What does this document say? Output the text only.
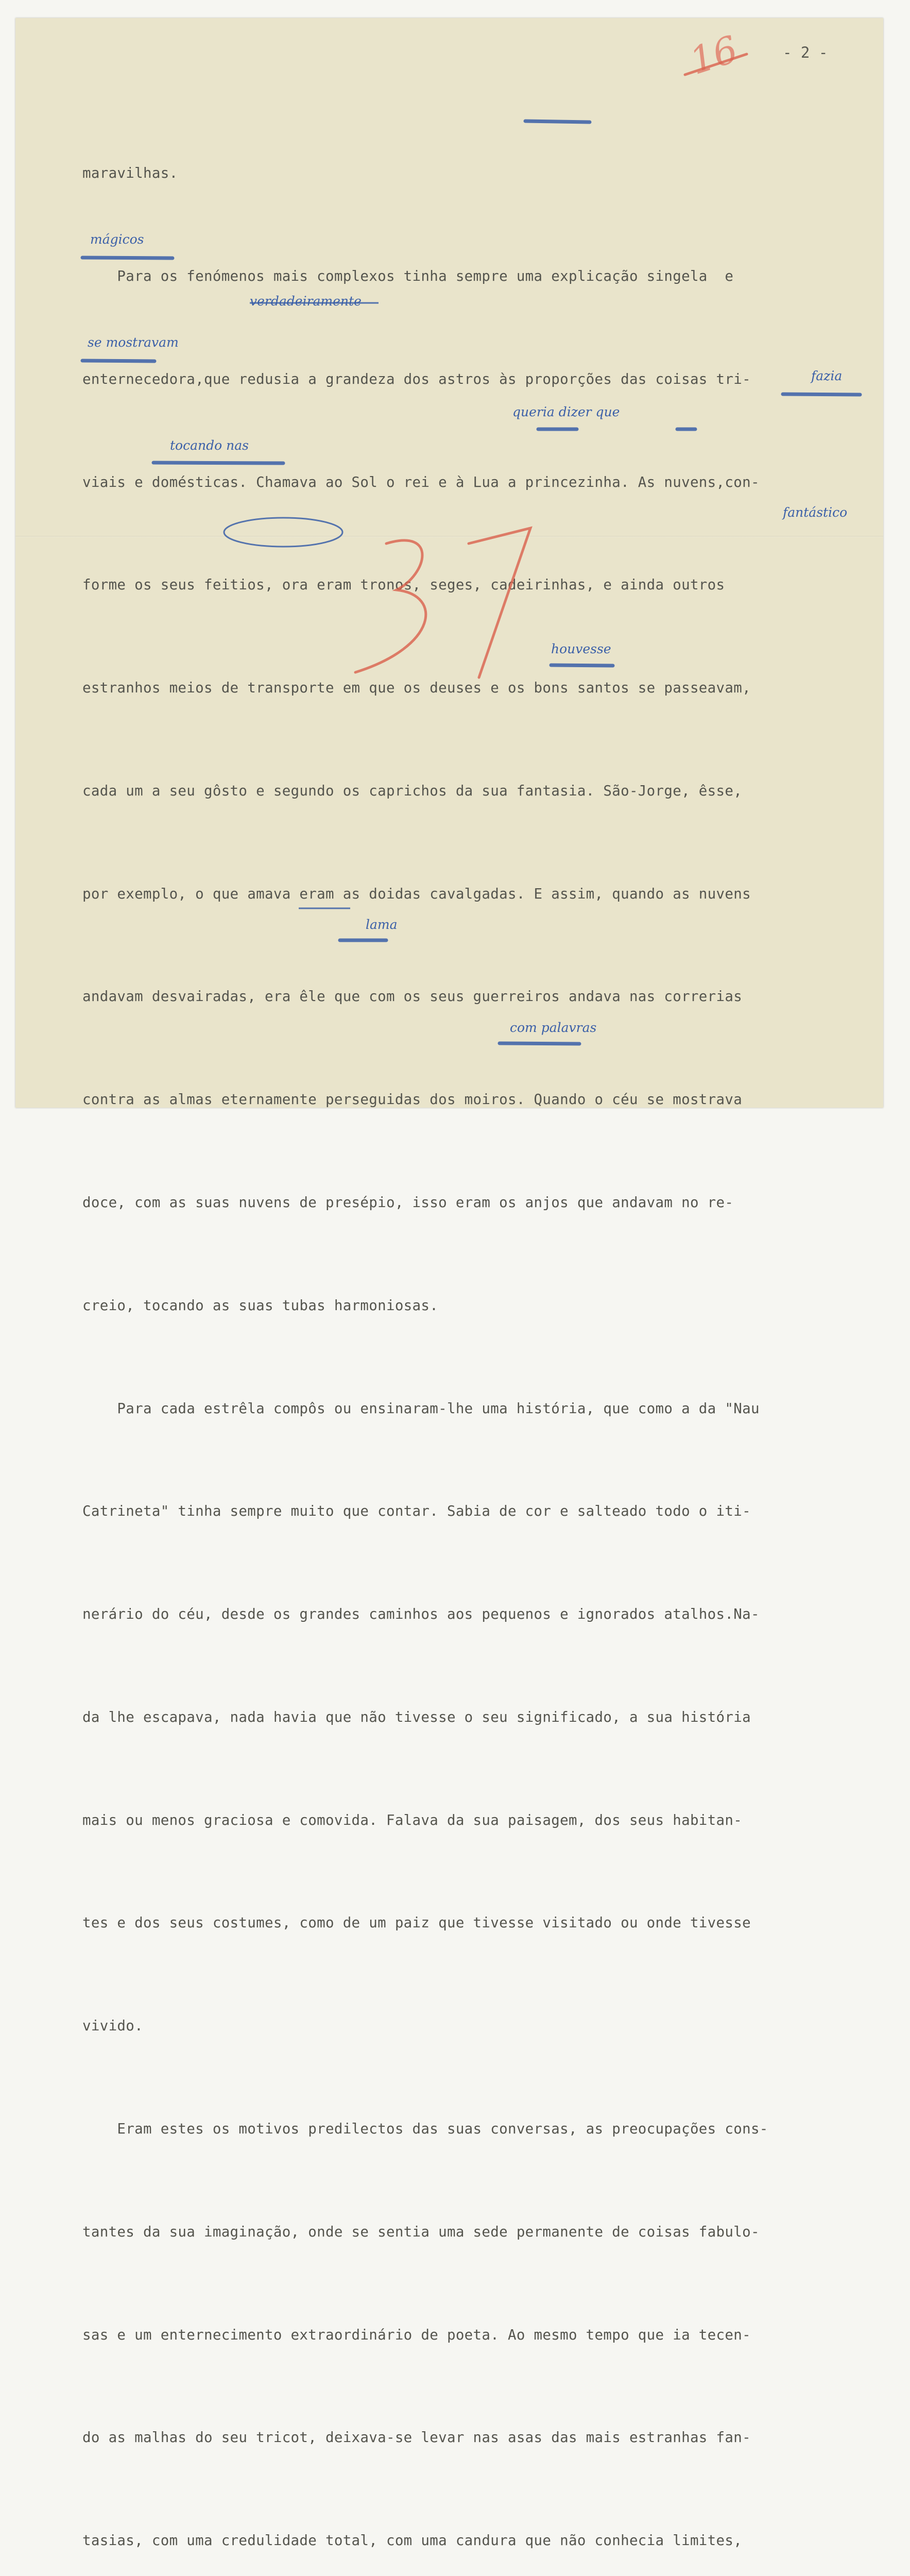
16	- 2 -

maravilhas.

Para os fenómenos mais complexos tinha sempre uma explicação singela  e

enternecedora,que redusia a grandeza dos astros às proporções das coisas tri-

viais e domésticas. Chamava ao Sol o rei e à Lua a princezinha. As nuvens,con-

forme os seus feitios, ora eram tronos, seges, cadeirinhas, e ainda outros

estranhos meios de transporte em que os deuses e os bons santos se passeavam,

cada um a seu gôsto e segundo os caprichos da sua fantasia. São-Jorge, êsse,

por exemplo, o que amava eram as doidas cavalgadas. E assim, quando as nuvens

andavam desvairadas, era êle que com os seus guerreiros andava nas correrias

contra as almas eternamente perseguidas dos moiros. Quando o céu se mostrava

doce, com as suas nuvens de presépio, isso eram os anjos que andavam no re-

creio, tocando as suas tubas harmoniosas.

Para cada estrêla compôs ou ensinaram-lhe uma história, que como a da "Nau

Catrineta" tinha sempre muito que contar. Sabia de cor e salteado todo o iti-

nerário do céu, desde os grandes caminhos aos pequenos e ignorados atalhos.Na-

da lhe escapava, nada havia que não tivesse o seu significado, a sua história

mais ou menos graciosa e comovida. Falava da sua paisagem, dos seus habitan-

tes e dos seus costumes, como de um paiz que tivesse visitado ou onde tivesse

vivido.

Eram estes os motivos predilectos das suas conversas, as preocupações cons-

tantes da sua imaginação, onde se sentia uma sede permanente de coisas fabulo-

sas e um enternecimento extraordinário de poeta. Ao mesmo tempo que ia tecen-

do as malhas do seu tricot, deixava-se levar nas asas das mais estranhas fan-

tasias, com uma credulidade total, com uma candura que não conhecia limites,

mágicos

verdadeiramente

se mostravam

fazia

queria dizer que

tocando nas

fantástico

houvesse

lama

com palavras
